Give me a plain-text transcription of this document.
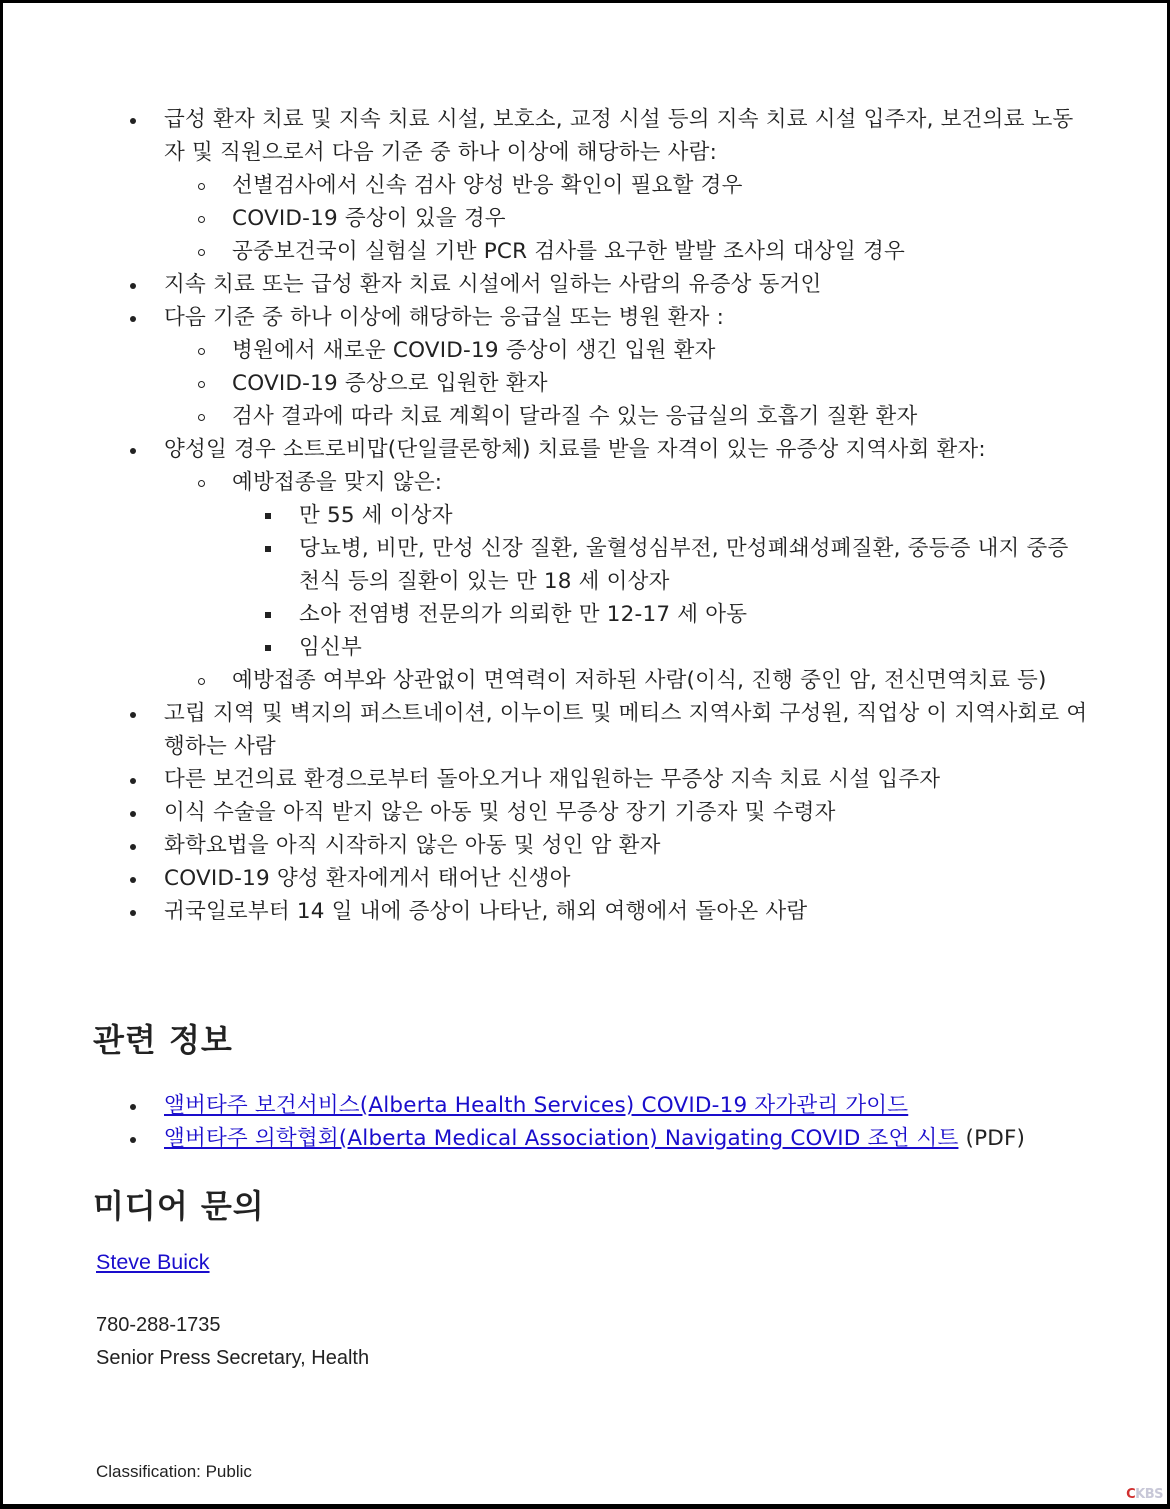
급성 환자 치료 및 지속 치료 시설, 보호소, 교정 시설 등의 지속 치료 시설 입주자, 보건의료 노동자 및 직원으로서 다음 기준 중 하나 이상에 해당하는 사람:
선별검사에서 신속 검사 양성 반응 확인이 필요할 경우
COVID-19 증상이 있을 경우
공중보건국이 실험실 기반 PCR 검사를 요구한 발발 조사의 대상일 경우
지속 치료 또는 급성 환자 치료 시설에서 일하는 사람의 유증상 동거인
다음 기준 중 하나 이상에 해당하는 응급실 또는 병원 환자 :
병원에서 새로운 COVID-19 증상이 생긴 입원 환자
COVID-19 증상으로 입원한 환자
검사 결과에 따라 치료 계획이 달라질 수 있는 응급실의 호흡기 질환 환자
양성일 경우 소트로비맙(단일클론항체) 치료를 받을 자격이 있는 유증상 지역사회 환자:
예방접종을 맞지 않은:
만 55 세 이상자
당뇨병, 비만, 만성 신장 질환, 울혈성심부전, 만성폐쇄성폐질환, 중등증 내지 중증 천식 등의 질환이 있는 만 18 세 이상자
소아 전염병 전문의가 의뢰한 만 12-17 세 아동
임신부
예방접종 여부와 상관없이 면역력이 저하된 사람(이식, 진행 중인 암, 전신면역치료 등)
고립 지역 및 벽지의 퍼스트네이션, 이누이트 및 메티스 지역사회 구성원, 직업상 이 지역사회로 여행하는 사람
다른 보건의료 환경으로부터 돌아오거나 재입원하는 무증상 지속 치료 시설 입주자
이식 수술을 아직 받지 않은 아동 및 성인 무증상 장기 기증자 및 수령자
화학요법을 아직 시작하지 않은 아동 및 성인 암 환자
COVID-19 양성 환자에게서 태어난 신생아
귀국일로부터 14 일 내에 증상이 나타난, 해외 여행에서 돌아온 사람
관련 정보
앨버타주 보건서비스(Alberta Health Services) COVID-19 자가관리 가이드
앨버타주 의학협회(Alberta Medical Association) Navigating COVID 조언 시트 (PDF)
미디어 문의
Steve Buick
780-288-1735
Senior Press Secretary, Health
Classification: Public
CKBS
